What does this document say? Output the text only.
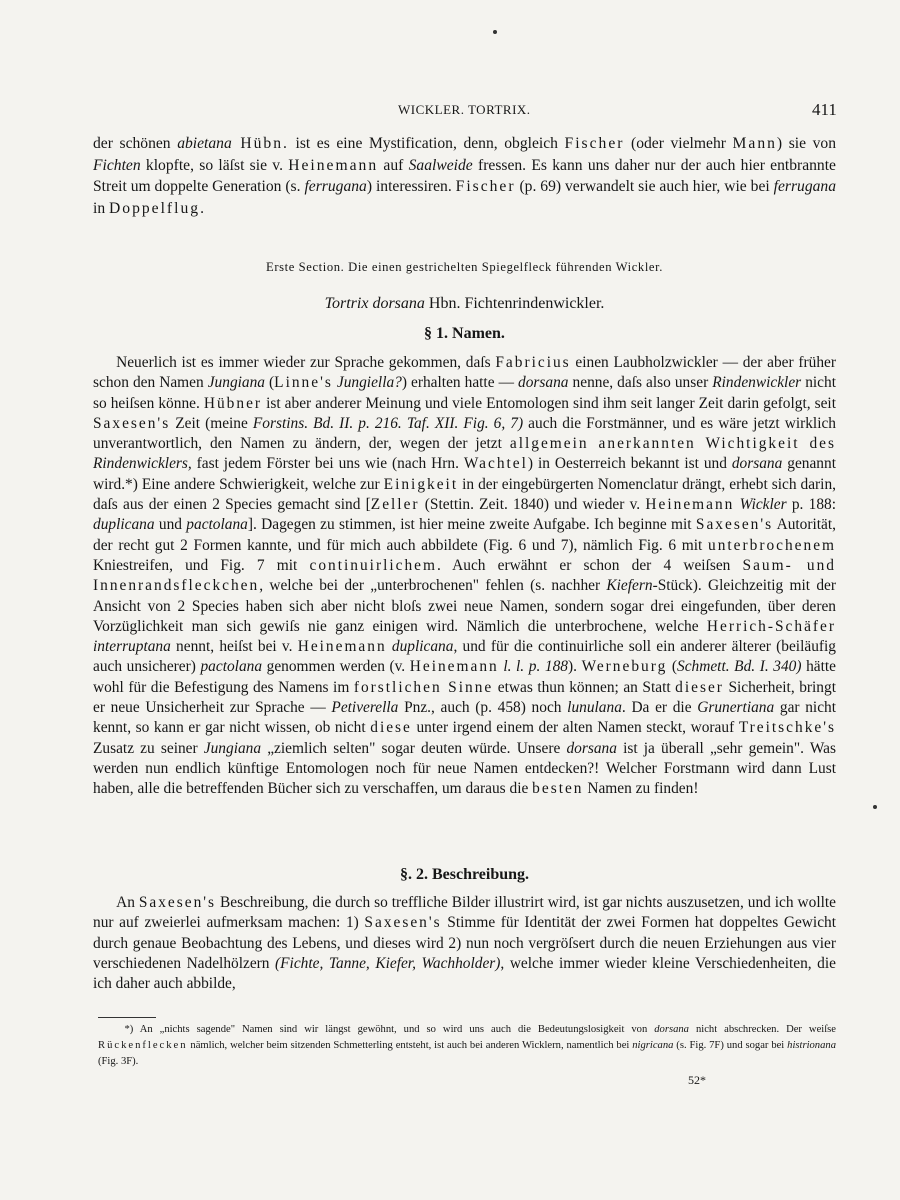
WICKLER. TORTRIX.	411
der schönen abietana Hübn. ist es eine Mystification, denn, obgleich Fischer (oder vielmehr Mann) sie von Fichten klopfte, so läſst sie v. Heinemann auf Saalweide fressen. Es kann uns daher nur der auch hier entbrannte Streit um doppelte Generation (s. ferrugana) interessiren. Fischer (p. 69) verwandelt sie auch hier, wie bei ferrugana in Doppelflug.
Erste Section. Die einen gestrichelten Spiegelfleck führenden Wickler.
Tortrix dorsana Hbn. Fichtenrindenwickler.
§ 1. Namen.
  Neuerlich ist es immer wieder zur Sprache gekommen, daſs Fabricius einen Laubholzwickler — der aber früher schon den Namen Jungiana (Linne's Jungiella?) erhalten hatte — dorsana nenne, daſs also unser Rindenwickler nicht so heiſsen könne. Hübner ist aber anderer Meinung und viele Entomologen sind ihm seit langer Zeit darin gefolgt, seit Saxesen's Zeit (meine Forstins. Bd. II. p. 216. Taf. XII. Fig. 6, 7) auch die Forstmänner, und es wäre jetzt wirklich unverantwortlich, den Namen zu ändern, der, wegen der jetzt allgemein anerkannten Wichtigkeit des Rindenwicklers, fast jedem Förster bei uns wie (nach Hrn. Wachtel) in Oesterreich bekannt ist und dorsana genannt wird.*) Eine andere Schwierigkeit, welche zur Einigkeit in der eingebürgerten Nomenclatur drängt, erhebt sich darin, daſs aus der einen 2 Species gemacht sind [Zeller (Stettin. Zeit. 1840) und wieder v. Heinemann Wickler p. 188: duplicana und pactolana]. Dagegen zu stimmen, ist hier meine zweite Aufgabe. Ich beginne mit Saxesen's Autorität, der recht gut 2 Formen kannte, und für mich auch abbildete (Fig. 6 und 7), nämlich Fig. 6 mit unterbrochenem Kniestreifen, und Fig. 7 mit continuirlichem. Auch erwähnt er schon der 4 weiſsen Saum- und Innenrandsfleckchen, welche bei der „unterbrochenen" fehlen (s. nachher Kiefern-Stück). Gleichzeitig mit der Ansicht von 2 Species haben sich aber nicht bloſs zwei neue Namen, sondern sogar drei eingefunden, über deren Vorzüglichkeit man sich gewiſs nie ganz einigen wird. Nämlich die unterbrochene, welche Herrich-Schäfer interruptana nennt, heiſst bei v. Heinemann duplicana, und für die continuirliche soll ein anderer älterer (beiläufig auch unsicherer) pactolana genommen werden (v. Heinemann l. l. p. 188). Werneburg (Schmett. Bd. I. 340) hätte wohl für die Befestigung des Namens im forstlichen Sinne etwas thun können; an Statt dieser Sicherheit, bringt er neue Unsicherheit zur Sprache — Petiverella Pnz., auch (p. 458) noch lunulana. Da er die Grunertiana gar nicht kennt, so kann er gar nicht wissen, ob nicht diese unter irgend einem der alten Namen steckt, worauf Treitschke's Zusatz zu seiner Jungiana „ziemlich selten" sogar deuten würde. Unsere dorsana ist ja überall „sehr gemein". Was werden nun endlich künftige Entomologen noch für neue Namen entdecken?! Welcher Forstmann wird dann Lust haben, alle die betreffenden Bücher sich zu verschaffen, um daraus die besten Namen zu finden!
§. 2. Beschreibung.
  An Saxesen's Beschreibung, die durch so treffliche Bilder illustrirt wird, ist gar nichts auszusetzen, und ich wollte nur auf zweierlei aufmerksam machen: 1) Saxesen's Stimme für Identität der zwei Formen hat doppeltes Gewicht durch genaue Beobachtung des Lebens, und dieses wird 2) nun noch vergröſsert durch die neuen Erziehungen aus vier verschiedenen Nadelhölzern (Fichte, Tanne, Kiefer, Wachholder), welche immer wieder kleine Verschiedenheiten, die ich daher auch abbilde,
   *) An „nichts sagende" Namen sind wir längst gewöhnt, und so wird uns auch die Bedeutungslosigkeit von dorsana nicht abschrecken. Der weiſse Rückenflecken nämlich, welcher beim sitzenden Schmetterling entsteht, ist auch bei anderen Wicklern, namentlich bei nigricana (s. Fig. 7F) und sogar bei histrionana (Fig. 3F).
52*
